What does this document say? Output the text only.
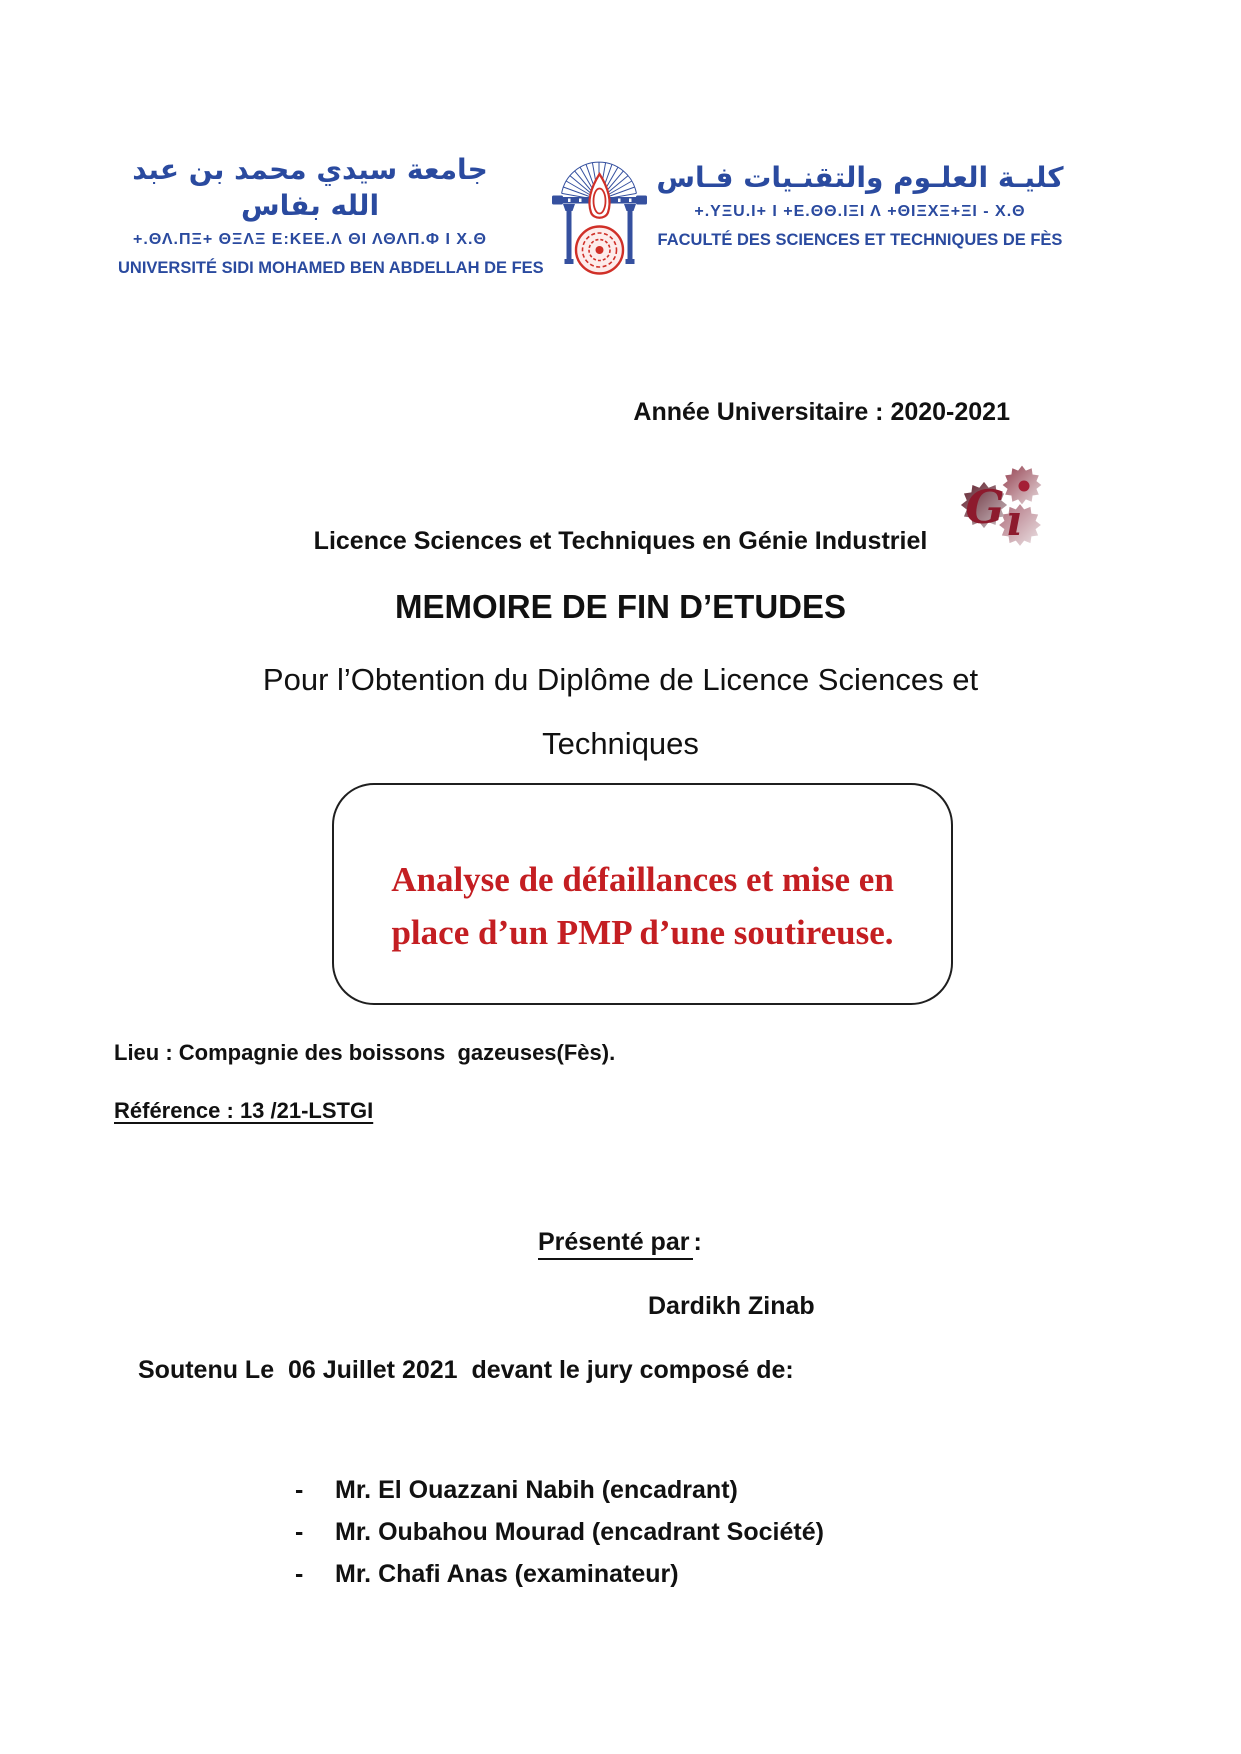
جامعة سيدي محمد بن عبد الله بفاس
+.ΘΛ.ΠΞ+ ΘΞΛΞ Ε:ΚΕΕ.Λ ΘΙ ΛΘΛΠ.Φ Ι Χ.Θ
UNIVERSITÉ SIDI MOHAMED BEN ABDELLAH DE FES
كليـة العلـوم والتقنـيات فـاس
+.ΥΞU.Ι+ Ι +Ε.ΘΘ.ΙΞΙ Λ +ΘΙΞΧΞ+ΞΙ - Χ.Θ
FACULTÉ DES SCIENCES ET TECHNIQUES DE FÈS
Année Universitaire : 2020-2021
G ı
Licence Sciences et Techniques en Génie Industriel
MEMOIRE DE FIN D’ETUDES
Pour l’Obtention du Diplôme de Licence Sciences et
Techniques
Analyse de défaillances et mise en
place d’un PMP d’une soutireuse.
Lieu : Compagnie des boissons  gazeuses(Fès).
Référence : 13 /21-LSTGI
Présenté par :
Dardikh Zinab
Soutenu Le  06 Juillet 2021  devant le jury composé de:
-	Mr. El Ouazzani Nabih (encadrant)
-	Mr. Oubahou Mourad (encadrant Société)
-	Mr. Chafi Anas (examinateur)
